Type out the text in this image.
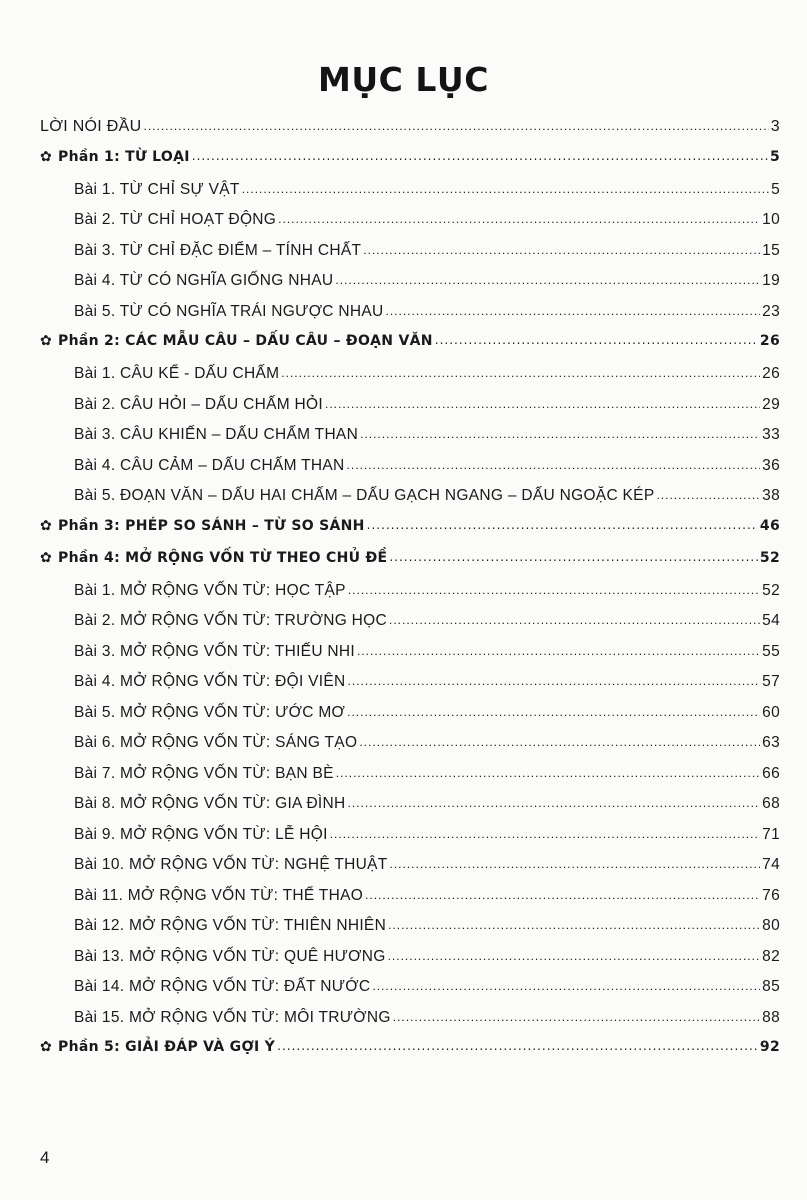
MỤC LỤC
LỜI NÓI ĐẦU .....	3
✿ Phần 1: TỪ LOẠI .....	5
Bài 1. TỪ CHỈ SỰ VẬT .....	5
Bài 2. TỪ CHỈ HOẠT ĐỘNG .....	10
Bài 3. TỪ CHỈ ĐẶC ĐIỂM – TÍNH CHẤT .....	15
Bài 4. TỪ CÓ NGHĨA GIỐNG NHAU .....	19
Bài 5. TỪ CÓ NGHĨA TRÁI NGƯỢC NHAU .....	23
✿ Phần 2: CÁC MẪU CÂU – DẤU CÂU – ĐOẠN VĂN .....	26
Bài 1. CÂU KỂ - DẤU CHẤM .....	26
Bài 2. CÂU HỎI – DẤU CHẤM HỎI .....	29
Bài 3. CÂU KHIẾN – DẤU CHẤM THAN .....	33
Bài 4. CÂU CẢM – DẤU CHẤM THAN .....	36
Bài 5. ĐOẠN VĂN – DẤU HAI CHẤM – DẤU GẠCH NGANG – DẤU NGOẶC KÉP .....	38
✿ Phần 3: PHÉP SO SÁNH – TỪ SO SÁNH .....	46
✿ Phần 4: MỞ RỘNG VỐN TỪ THEO CHỦ ĐỀ .....	52
Bài 1. MỞ RỘNG VỐN TỪ: HỌC TẬP .....	52
Bài 2. MỞ RỘNG VỐN TỪ: TRƯỜNG HỌC .....	54
Bài 3. MỞ RỘNG VỐN TỪ: THIẾU NHI .....	55
Bài 4. MỞ RỘNG VỐN TỪ: ĐỘI VIÊN .....	57
Bài 5. MỞ RỘNG VỐN TỪ: ƯỚC MƠ .....	60
Bài 6. MỞ RỘNG VỐN TỪ: SÁNG TẠO .....	63
Bài 7. MỞ RỘNG VỐN TỪ: BẠN BÈ .....	66
Bài 8. MỞ RỘNG VỐN TỪ: GIA ĐÌNH .....	68
Bài 9. MỞ RỘNG VỐN TỪ: LỄ HỘI .....	71
Bài 10. MỞ RỘNG VỐN TỪ: NGHỆ THUẬT .....	74
Bài 11. MỞ RỘNG VỐN TỪ: THỂ THAO .....	76
Bài 12. MỞ RỘNG VỐN TỪ: THIÊN NHIÊN .....	80
Bài 13. MỞ RỘNG VỐN TỪ: QUÊ HƯƠNG .....	82
Bài 14. MỞ RỘNG VỐN TỪ: ĐẤT NƯỚC .....	85
Bài 15. MỞ RỘNG VỐN TỪ: MÔI TRƯỜNG .....	88
✿ Phần 5: GIẢI ĐÁP VÀ GỢI Ý .....	92
4
